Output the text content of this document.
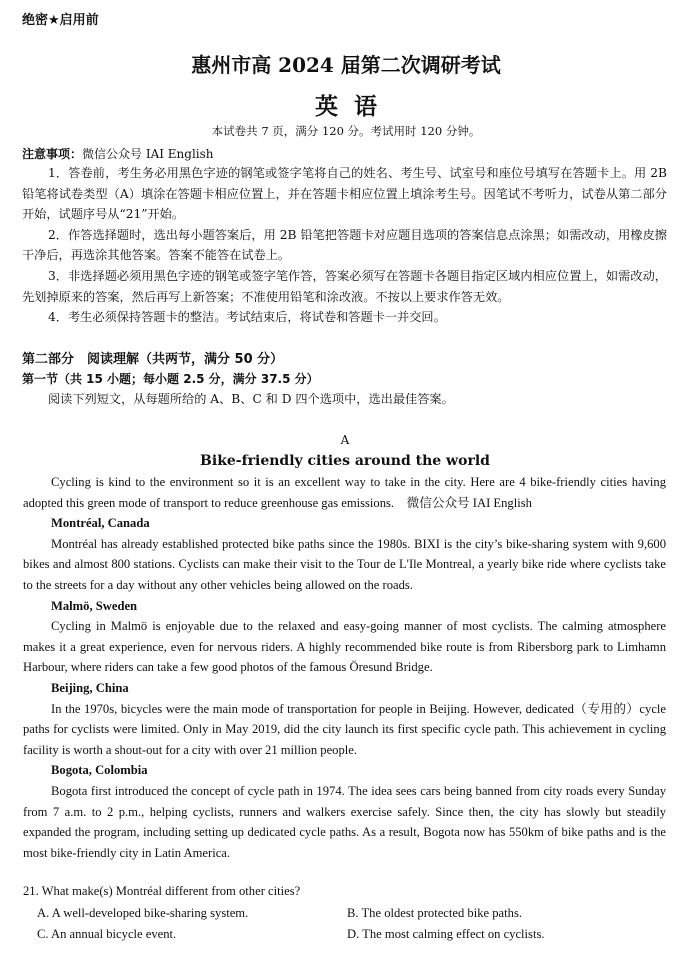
绝密★启用前
惠州市高 2024 届第二次调研考试
英语
本试卷共 7 页，满分 120 分。考试用时 120 分钟。
注意事项：微信公众号 IAI English

1．答卷前，考生务必用黑色字迹的钢笔或签字笔将自己的姓名、考生号、试室号和座位号填写在答题卡上。用 2B 铅笔将试卷类型（A）填涂在答题卡相应位置上，并在答题卡相应位置上填涂考生号。因笔试不考听力，试卷从第二部分开始，试题序号从“21”开始。

2．作答选择题时，选出每小题答案后，用 2B 铅笔把答题卡对应题目选项的答案信息点涂黑；如需改动，用橡皮擦干净后，再选涂其他答案。答案不能答在试卷上。

3．非选择题必须用黑色字迹的钢笔或签字笔作答，答案必须写在答题卡各题目指定区域内相应位置上，如需改动，先划掉原来的答案，然后再写上新答案；不准使用铅笔和涂改液。不按以上要求作答无效。

4．考生必须保持答题卡的整洁。考试结束后，将试卷和答题卡一并交回。

第二部分　阅读理解（共两节，满分 50 分）
第一节（共 15 小题；每小题 2.5 分，满分 37.5 分）
阅读下列短文，从每题所给的 A、B、C 和 D 四个选项中，选出最佳答案。
A
Bike-friendly cities around the world

Cycling is kind to the environment so it is an excellent way to take in the city. Here are 4 bike-friendly cities having adopted this green mode of transport to reduce greenhouse gas emissions.　微信公众号 IAI English

Montréal, Canada

Montréal has already established protected bike paths since the 1980s. BIXI is the city’s bike-sharing system with 9,600 bikes and almost 800 stations. Cyclists can make their visit to the Tour de L'Ile Montreal, a yearly bike ride where cyclists take to the streets for a day without any other vehicles being allowed on the roads.

Malmö, Sweden

Cycling in Malmö is enjoyable due to the relaxed and easy-going manner of most cyclists. The calming atmosphere makes it a great experience, even for nervous riders. A highly recommended bike route is from Ribersborg park to Limhamn Harbour, where riders can take a few good photos of the famous Öresund Bridge.

Beijing, China

In the 1970s, bicycles were the main mode of transportation for people in Beijing. However, dedicated（专用的）cycle paths for cyclists were limited. Only in May 2019, did the city launch its first specific cycle path. This achievement in cycling facility is worth a shout-out for a city with over 21 million people.

Bogota, Colombia

Bogota first introduced the concept of cycle path in 1974. The idea sees cars being banned from city roads every Sunday from 7 a.m. to 2 p.m., helping cyclists, runners and walkers exercise safely. Since then, the city has slowly but steadily expanded the program, including setting up dedicated cycle paths. As a result, Bogota now has 550km of bike paths and is the most bike-friendly city in Latin America.

21. What make(s) Montréal different from other cities?
A. A well-developed bike-sharing system.	B. The oldest protected bike paths.
C. An annual bicycle event.	D. The most calming effect on cyclists.
